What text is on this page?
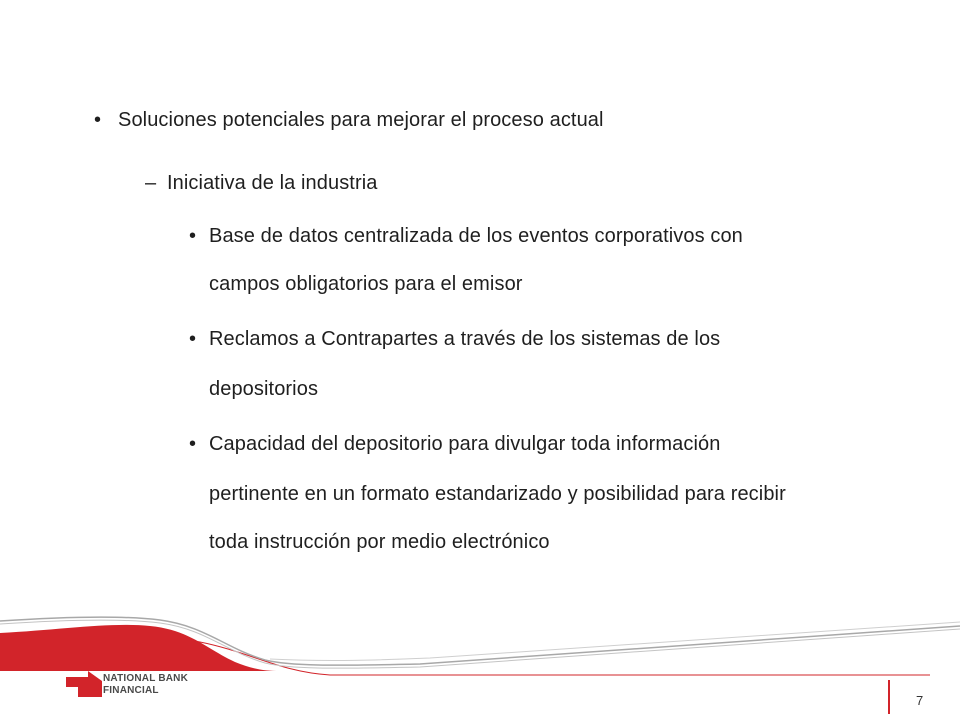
• Soluciones potenciales para mejorar el proceso actual
– Iniciativa de la industria
• Base de datos centralizada de los eventos corporativos con
campos obligatorios para el emisor
• Reclamos a Contrapartes a través de los sistemas de los
depositorios
• Capacidad del depositorio para divulgar toda información
pertinente en un formato estandarizado y posibilidad para recibir
toda instrucción por medio electrónico
NATIONAL BANK
FINANCIAL
7
